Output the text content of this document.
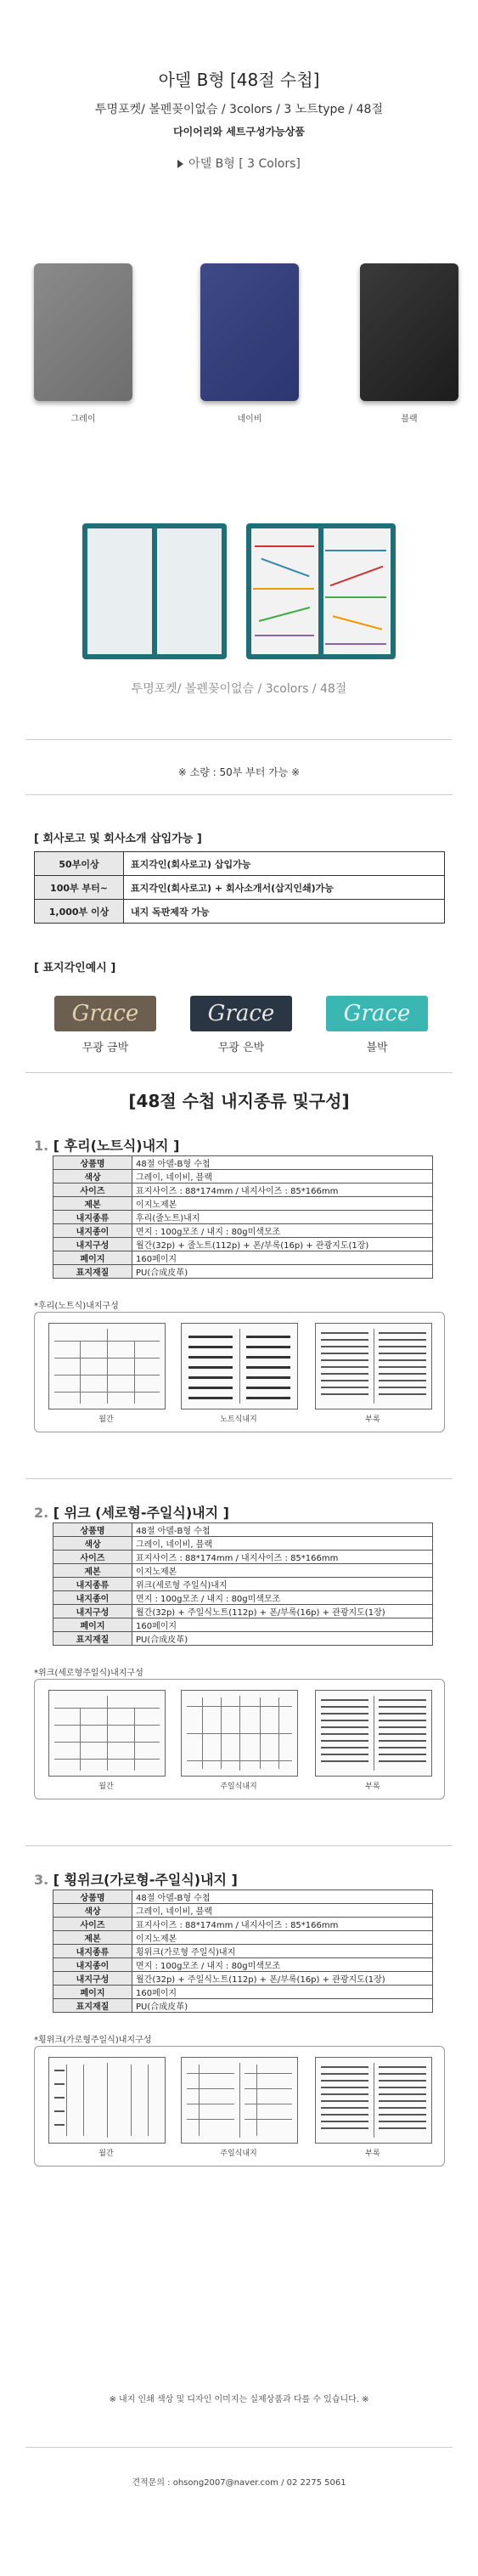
아델 B형 [48절 수첩]
투명포켓/ 볼펜꽂이없슴 / 3colors / 3 노트type / 48절
다이어리와 세트구성가능상품
아델 B형 [ 3 Colors]
그레이	네이비	블랙
투명포켓/ 볼펜꽂이없슴 / 3colors / 48절
※ 소량 : 50부 부터 가능 ※
[ 회사로고 및 회사소개 삽입가능 ]
50부이상	표지각인(회사로고) 삽입가능
100부 부터~	표지각인(회사로고) + 회사소개서(삽지인쇄)가능
1,000부 이상	내지 독판제작 가능
[ 표지각인예시 ]
Grace	Grace	Grace
무광 금박	무광 은박	블박
[48절 수첩 내지종류 및구성]
1. [ 후리(노트식)내지 ]
상품명	48절 아델-B형 수첩
색상	그레이, 네이비, 블랙
사이즈	표지사이즈 : 88*174mm / 내지사이즈 : 85*166mm
제본	이지노제본
내지종류	후리(줄노트)내지
내지종이	면지 : 100g모조 / 내지 : 80g미색모조
내지구성	월간(32p) + 줄노트(112p) + 폰/부록(16p) + 관광지도(1장)
페이지	160페이지
표지재질	PU(合成皮革)
*후리(노트식)내지구성
월간	노트식내지	부록
2. [ 위크 (세로형-주일식)내지 ]
상품명	48절 아델-B형 수첩
색상	그레이, 네이비, 블랙
사이즈	표지사이즈 : 88*174mm / 내지사이즈 : 85*166mm
제본	이지노제본
내지종류	위크(세로형 주일식)내지
내지종이	면지 : 100g모조 / 내지 : 80g미색모조
내지구성	월간(32p) + 주일식노트(112p) + 폰/부록(16p) + 관광지도(1장)
페이지	160페이지
표지재질	PU(合成皮革)
*위크(세로형주일식)내지구성
월간	주일식내지	부록
3. [ 횡위크(가로형-주일식)내지 ]
상품명	48절 아델-B형 수첩
색상	그레이, 네이비, 블랙
사이즈	표지사이즈 : 88*174mm / 내지사이즈 : 85*166mm
제본	이지노제본
내지종류	횡위크(가로형 주일식)내지
내지종이	면지 : 100g모조 / 내지 : 80g미색모조
내지구성	월간(32p) + 주일식노트(112p) + 폰/부록(16p) + 관광지도(1장)
페이지	160페이지
표지재질	PU(合成皮革)
*횡위크(가로형주일식)내지구성
월간	주일식내지	부록
※ 내지 인쇄 색상 및 디자인 이미지는 실제상품과 다를 수 있습니다. ※
견적문의 : ohsong2007@naver.com / 02 2275 5061
